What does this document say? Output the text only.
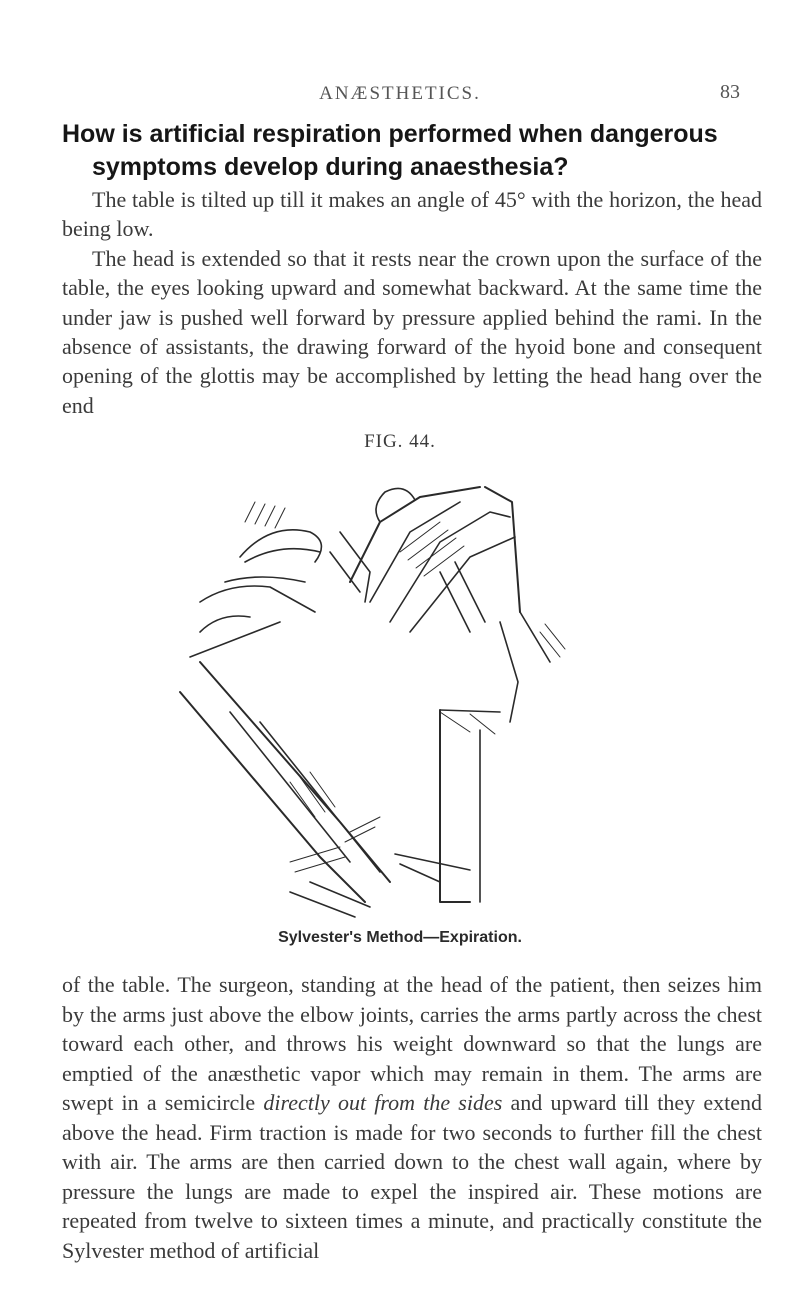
ANÆSTHETICS.	83
How is artificial respiration performed when dangerous
symptoms develop during anaesthesia?

The table is tilted up till it makes an angle of 45° with the horizon, the head being low.

The head is extended so that it rests near the crown upon the surface of the table, the eyes looking upward and somewhat backward. At the same time the under jaw is pushed well forward by pressure applied behind the rami. In the absence of assistants, the drawing forward of the hyoid bone and consequent opening of the glottis may be accomplished by letting the head hang over the end

FIG. 44.
Sylvester's Method—Expiration.
of the table. The surgeon, standing at the head of the patient, then seizes him by the arms just above the elbow joints, carries the arms partly across the chest toward each other, and throws his weight downward so that the lungs are emptied of the anæsthetic vapor which may remain in them. The arms are swept in a semicircle directly out from the sides and upward till they extend above the head. Firm traction is made for two seconds to further fill the chest with air. The arms are then carried down to the chest wall again, where by pressure the lungs are made to expel the inspired air. These motions are repeated from twelve to sixteen times a minute, and practically constitute the Sylvester method of artificial
